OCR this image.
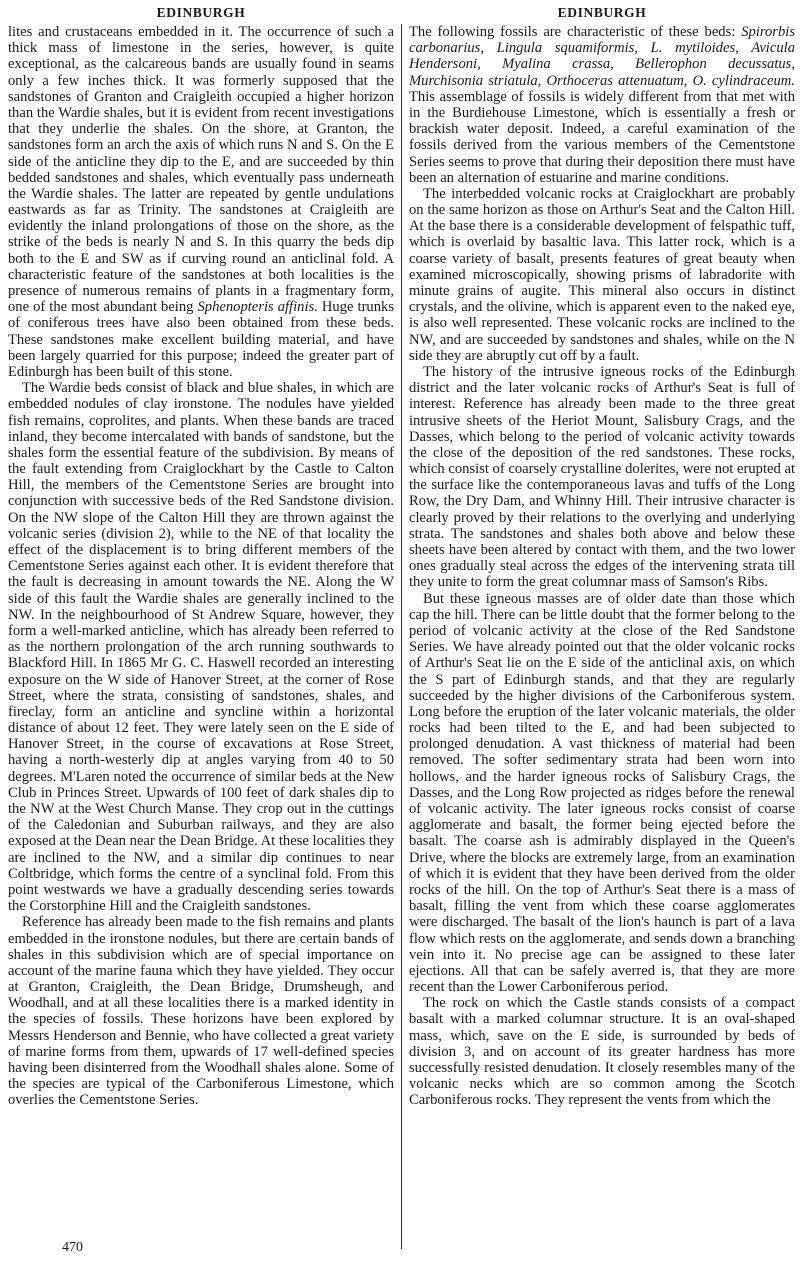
EDINBURGH

lites and crustaceans embedded in it. The occurrence of such a thick mass of limestone in the series, however, is quite exceptional, as the calcareous bands are usually found in seams only a few inches thick. It was formerly supposed that the sandstones of Granton and Craigleith occupied a higher horizon than the Wardie shales, but it is evident from recent investigations that they underlie the shales. On the shore, at Granton, the sandstones form an arch the axis of which runs N and S. On the E side of the anticline they dip to the E, and are succeeded by thin bedded sandstones and shales, which eventually pass underneath the Wardie shales. The latter are repeated by gentle undulations eastwards as far as Trinity. The sandstones at Craigleith are evidently the inland prolongations of those on the shore, as the strike of the beds is nearly N and S. In this quarry the beds dip both to the E and SW as if curving round an anticlinal fold. A characteristic feature of the sandstones at both localities is the presence of numerous remains of plants in a fragmentary form, one of the most abundant being Sphenopteris affinis. Huge trunks of coniferous trees have also been obtained from these beds. These sandstones make excellent building material, and have been largely quarried for this purpose; indeed the greater part of Edinburgh has been built of this stone.

The Wardie beds consist of black and blue shales, in which are embedded nodules of clay ironstone. The nodules have yielded fish remains, coprolites, and plants. When these bands are traced inland, they become intercalated with bands of sandstone, but the shales form the essential feature of the subdivision. By means of the fault extending from Craiglockhart by the Castle to Calton Hill, the members of the Cementstone Series are brought into conjunction with successive beds of the Red Sandstone division. On the NW slope of the Calton Hill they are thrown against the volcanic series (division 2), while to the NE of that locality the effect of the displacement is to bring different members of the Cementstone Series against each other. It is evident therefore that the fault is decreasing in amount towards the NE. Along the W side of this fault the Wardie shales are generally inclined to the NW. In the neighbourhood of St Andrew Square, however, they form a well-marked anticline, which has already been referred to as the northern prolongation of the arch running southwards to Blackford Hill. In 1865 Mr G. C. Haswell recorded an interesting exposure on the W side of Hanover Street, at the corner of Rose Street, where the strata, consisting of sandstones, shales, and fireclay, form an anticline and syncline within a horizontal distance of about 12 feet. They were lately seen on the E side of Hanover Street, in the course of excavations at Rose Street, having a north-westerly dip at angles varying from 40 to 50 degrees. M'Laren noted the occurrence of similar beds at the New Club in Princes Street. Upwards of 100 feet of dark shales dip to the NW at the West Church Manse. They crop out in the cuttings of the Caledonian and Suburban railways, and they are also exposed at the Dean near the Dean Bridge. At these localities they are inclined to the NW, and a similar dip continues to near Coltbridge, which forms the centre of a synclinal fold. From this point westwards we have a gradually descending series towards the Corstorphine Hill and the Craigleith sandstones.

Reference has already been made to the fish remains and plants embedded in the ironstone nodules, but there are certain bands of shales in this subdivision which are of special importance on account of the marine fauna which they have yielded. They occur at Granton, Craigleith, the Dean Bridge, Drumsheugh, and Woodhall, and at all these localities there is a marked identity in the species of fossils. These horizons have been explored by Messrs Henderson and Bennie, who have collected a great variety of marine forms from them, upwards of 17 well-defined species having been disinterred from the Woodhall shales alone. Some of the species are typical of the Carboniferous Limestone, which overlies the Cementstone Series.

EDINBURGH

The following fossils are characteristic of these beds: Spirorbis carbonarius, Lingula squamiformis, L. mytiloides, Avicula Hendersoni, Myalina crassa, Bellerophon decussatus, Murchisonia striatula, Orthoceras attenuatum, O. cylindraceum. This assemblage of fossils is widely different from that met with in the Burdiehouse Limestone, which is essentially a fresh or brackish water deposit. Indeed, a careful examination of the fossils derived from the various members of the Cementstone Series seems to prove that during their deposition there must have been an alternation of estuarine and marine conditions.

The interbedded volcanic rocks at Craiglockhart are probably on the same horizon as those on Arthur's Seat and the Calton Hill. At the base there is a considerable development of felspathic tuff, which is overlaid by basaltic lava. This latter rock, which is a coarse variety of basalt, presents features of great beauty when examined microscopically, showing prisms of labradorite with minute grains of augite. This mineral also occurs in distinct crystals, and the olivine, which is apparent even to the naked eye, is also well represented. These volcanic rocks are inclined to the NW, and are succeeded by sandstones and shales, while on the N side they are abruptly cut off by a fault.

The history of the intrusive igneous rocks of the Edinburgh district and the later volcanic rocks of Arthur's Seat is full of interest. Reference has already been made to the three great intrusive sheets of the Heriot Mount, Salisbury Crags, and the Dasses, which belong to the period of volcanic activity towards the close of the deposition of the red sandstones. These rocks, which consist of coarsely crystalline dolerites, were not erupted at the surface like the contemporaneous lavas and tuffs of the Long Row, the Dry Dam, and Whinny Hill. Their intrusive character is clearly proved by their relations to the overlying and underlying strata. The sandstones and shales both above and below these sheets have been altered by contact with them, and the two lower ones gradually steal across the edges of the intervening strata till they unite to form the great columnar mass of Samson's Ribs.

But these igneous masses are of older date than those which cap the hill. There can be little doubt that the former belong to the period of volcanic activity at the close of the Red Sandstone Series. We have already pointed out that the older volcanic rocks of Arthur's Seat lie on the E side of the anticlinal axis, on which the S part of Edinburgh stands, and that they are regularly succeeded by the higher divisions of the Carboniferous system. Long before the eruption of the later volcanic materials, the older rocks had been tilted to the E, and had been subjected to prolonged denudation. A vast thickness of material had been removed. The softer sedimentary strata had been worn into hollows, and the harder igneous rocks of Salisbury Crags, the Dasses, and the Long Row projected as ridges before the renewal of volcanic activity. The later igneous rocks consist of coarse agglomerate and basalt, the former being ejected before the basalt. The coarse ash is admirably displayed in the Queen's Drive, where the blocks are extremely large, from an examination of which it is evident that they have been derived from the older rocks of the hill. On the top of Arthur's Seat there is a mass of basalt, filling the vent from which these coarse agglomerates were discharged. The basalt of the lion's haunch is part of a lava flow which rests on the agglomerate, and sends down a branching vein into it. No precise age can be assigned to these later ejections. All that can be safely averred is, that they are more recent than the Lower Carboniferous period.

The rock on which the Castle stands consists of a compact basalt with a marked columnar structure. It is an oval-shaped mass, which, save on the E side, is surrounded by beds of division 3, and on account of its greater hardness has more successfully resisted denudation. It closely resembles many of the volcanic necks which are so common among the Scotch Carboniferous rocks. They represent the vents from which the

470
